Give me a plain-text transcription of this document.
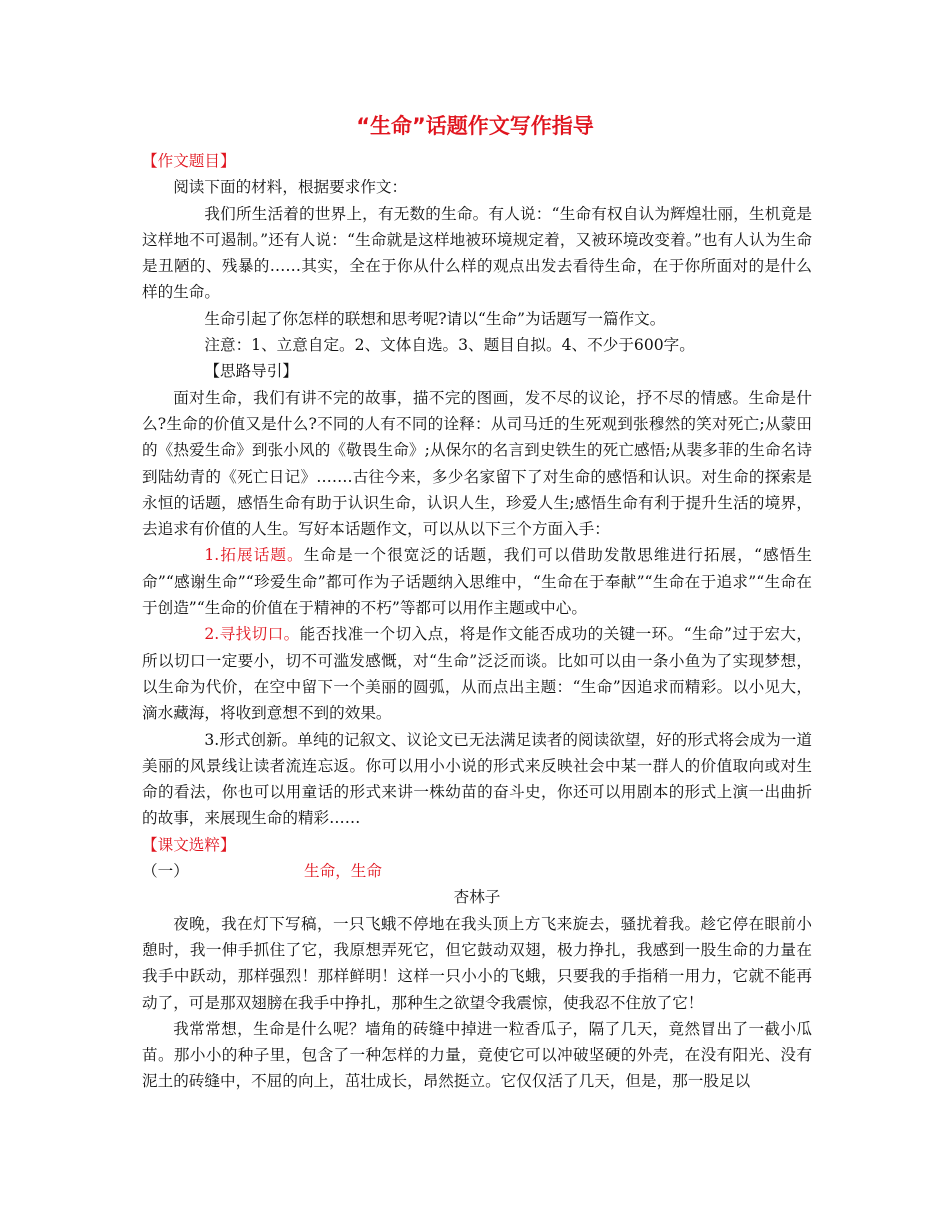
“生命”话题作文写作指导

【作文题目】

阅读下面的材料，根据要求作文：

我们所生活着的世界上，有无数的生命。有人说：“生命有权自认为辉煌壮丽，生机竟是这样地不可遏制。”还有人说：“生命就是这样地被环境规定着，又被环境改变着。”也有人认为生命是丑陋的、残暴的……其实，全在于你从什么样的观点出发去看待生命，在于你所面对的是什么样的生命。

生命引起了你怎样的联想和思考呢?请以“生命”为话题写一篇作文。

注意：1、立意自定。2、文体自选。3、题目自拟。4、不少于600字。

【思路导引】

面对生命，我们有讲不完的故事，描不完的图画，发不尽的议论，抒不尽的情感。生命是什么?生命的价值又是什么?不同的人有不同的诠释：从司马迁的生死观到张穆然的笑对死亡;从蒙田的《热爱生命》到张小风的《敬畏生命》;从保尔的名言到史铁生的死亡感悟;从裴多菲的生命名诗到陆幼青的《死亡日记》…….古往今来，多少名家留下了对生命的感悟和认识。对生命的探索是永恒的话题，感悟生命有助于认识生命，认识人生，珍爱人生;感悟生命有利于提升生活的境界，去追求有价值的人生。写好本话题作文，可以从以下三个方面入手：

1.拓展话题。生命是一个很宽泛的话题，我们可以借助发散思维进行拓展，“感悟生命”“感谢生命”“珍爱生命”都可作为子话题纳入思维中，“生命在于奉献”“生命在于追求”“生命在于创造”“生命的价值在于精神的不朽”等都可以用作主题或中心。

2.寻找切口。能否找准一个切入点，将是作文能否成功的关键一环。“生命”过于宏大，所以切口一定要小，切不可滥发感慨，对“生命”泛泛而谈。比如可以由一条小鱼为了实现梦想，以生命为代价，在空中留下一个美丽的圆弧，从而点出主题：“生命”因追求而精彩。以小见大，滴水藏海，将收到意想不到的效果。

3.形式创新。单纯的记叙文、议论文已无法满足读者的阅读欲望，好的形式将会成为一道美丽的风景线让读者流连忘返。你可以用小小说的形式来反映社会中某一群人的价值取向或对生命的看法，你也可以用童话的形式来讲一株幼苗的奋斗史，你还可以用剧本的形式上演一出曲折的故事，来展现生命的精彩……

【课文选粹】

（一）	生命，生命

杏林子

夜晚，我在灯下写稿，一只飞蛾不停地在我头顶上方飞来旋去，骚扰着我。趁它停在眼前小憩时，我一伸手抓住了它，我原想弄死它，但它鼓动双翅，极力挣扎，我感到一股生命的力量在我手中跃动，那样强烈！那样鲜明！这样一只小小的飞蛾，只要我的手指稍一用力，它就不能再动了，可是那双翅膀在我手中挣扎，那种生之欲望令我震惊，使我忍不住放了它！

我常常想，生命是什么呢？墙角的砖缝中掉进一粒香瓜子，隔了几天，竟然冒出了一截小瓜苗。那小小的种子里，包含了一种怎样的力量，竟使它可以冲破坚硬的外壳，在没有阳光、没有泥土的砖缝中，不屈的向上，茁壮成长，昂然挺立。它仅仅活了几天，但是，那一股足以
